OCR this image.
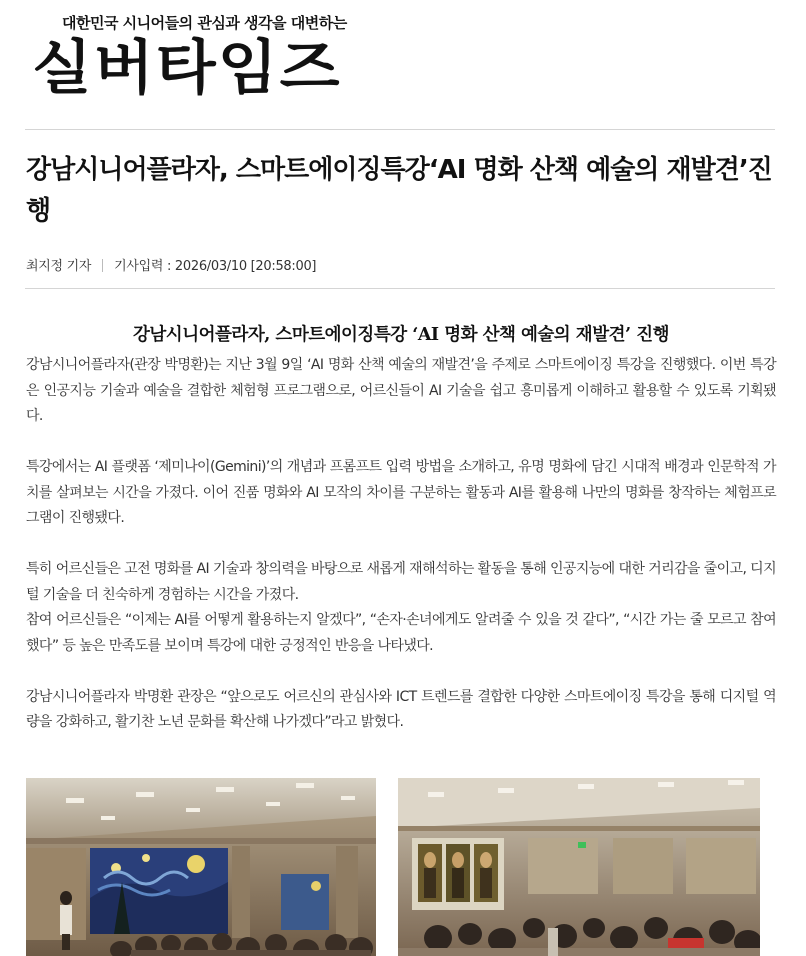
대한민국 시니어들의 관심과 생각을 대변하는
실버타임즈
강남시니어플라자, 스마트에이징특강‘AI 명화 산책 예술의 재발견’진행
최지정 기자 기사입력 : 2026/03/10 [20:58:00]
강남시니어플라자, 스마트에이징특강 ‘AI 명화 산책 예술의 재발견’ 진행

강남시니어플라자(관장 박명환)는 지난 3월 9일 ‘AI 명화 산책 예술의 재발견’을 주제로 스마트에이징 특강을 진행했다. 이번 특강은 인공지능 기술과 예술을 결합한 체험형 프로그램으로, 어르신들이 AI 기술을 쉽고 흥미롭게 이해하고 활용할 수 있도록 기획됐다.

특강에서는 AI 플랫폼 ‘제미나이(Gemini)’의 개념과 프롬프트 입력 방법을 소개하고, 유명 명화에 담긴 시대적 배경과 인문학적 가치를 살펴보는 시간을 가졌다. 이어 진품 명화와 AI 모작의 차이를 구분하는 활동과 AI를 활용해 나만의 명화를 창작하는 체험프로그램이 진행됐다.

특히 어르신들은 고전 명화를 AI 기술과 창의력을 바탕으로 새롭게 재해석하는 활동을 통해 인공지능에 대한 거리감을 줄이고, 디지털 기술을 더 친숙하게 경험하는 시간을 가졌다.

참여 어르신들은 “이제는 AI를 어떻게 활용하는지 알겠다”, “손자·손녀에게도 알려줄 수 있을 것 같다”, “시간 가는 줄 모르고 참여했다” 등 높은 만족도를 보이며 특강에 대한 긍정적인 반응을 나타냈다.

강남시니어플라자 박명환 관장은 “앞으로도 어르신의 관심사와 ICT 트렌드를 결합한 다양한 스마트에이징 특강을 통해 디지털 역량을 강화하고, 활기찬 노년 문화를 확산해 나가겠다”라고 밝혔다.
